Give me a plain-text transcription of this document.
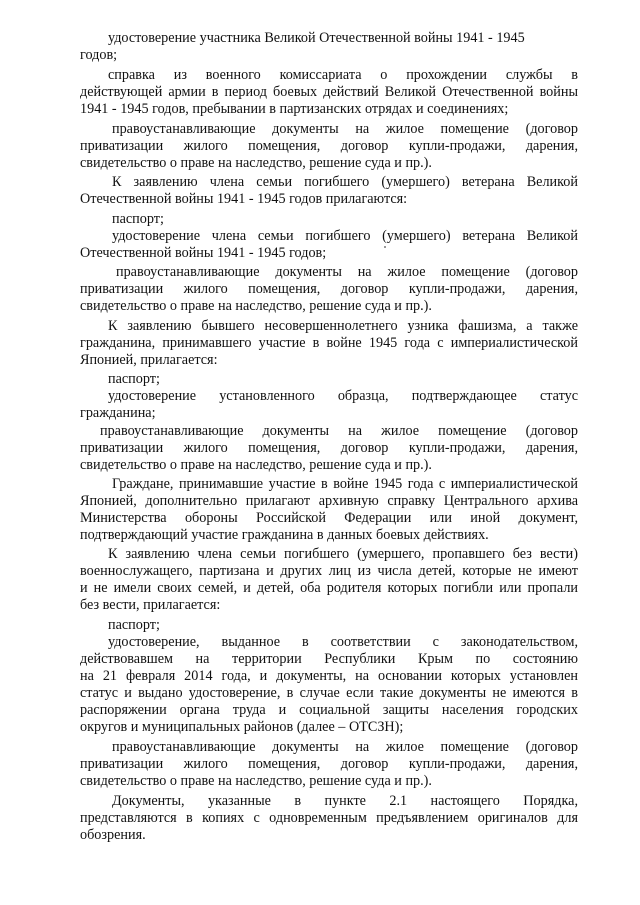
удостоверение участника Великой Отечественной войны 1941 - 1945
годов;
справка из военного комиссариата о прохождении службы в
действующей армии в период боевых действий Великой Отечественной войны
1941 - 1945 годов, пребывании в партизанских отрядах и соединениях;
правоустанавливающие документы на жилое помещение (договор
приватизации жилого помещения, договор купли-продажи, дарения,
свидетельство о праве на наследство, решение суда и пр.).
К заявлению члена семьи погибшего (умершего) ветерана Великой
Отечественной войны 1941 - 1945 годов прилагаются:
паспорт;
удостоверение члена семьи погибшего (умершего) ветерана Великой
Отечественной войны 1941 - 1945 годов;
правоустанавливающие документы на жилое помещение (договор
приватизации жилого помещения, договор купли-продажи, дарения,
свидетельство о праве на наследство, решение суда и пр.).
К заявлению бывшего несовершеннолетнего узника фашизма, а также
гражданина, принимавшего участие в войне 1945 года с империалистической
Японией, прилагается:
паспорт;
удостоверение установленного образца, подтверждающее статус
гражданина;
правоустанавливающие документы на жилое помещение (договор
приватизации жилого помещения, договор купли-продажи, дарения,
свидетельство о праве на наследство, решение суда и пр.).
Граждане, принимавшие участие в войне 1945 года с империалистической
Японией, дополнительно прилагают архивную справку Центрального архива
Министерства обороны Российской Федерации или иной документ,
подтверждающий участие гражданина в данных боевых действиях.
К заявлению члена семьи погибшего (умершего, пропавшего без вести)
военнослужащего, партизана и других лиц из числа детей, которые не имеют
и не имели своих семей, и детей, оба родителя которых погибли или пропали
без вести, прилагается:
паспорт;
удостоверение, выданное в соответствии с законодательством,
действовавшем на территории Республики Крым по состоянию
на 21 февраля 2014 года, и документы, на основании которых установлен
статус и выдано удостоверение, в случае если такие документы не имеются в
распоряжении органа труда и социальной защиты населения городских
округов и муниципальных районов (далее – ОТСЗН);
правоустанавливающие документы на жилое помещение (договор
приватизации жилого помещения, договор купли-продажи, дарения,
свидетельство о праве на наследство, решение суда и пр.).
Документы, указанные в пункте 2.1 настоящего Порядка,
представляются в копиях с одновременным предъявлением оригиналов для
обозрения.
